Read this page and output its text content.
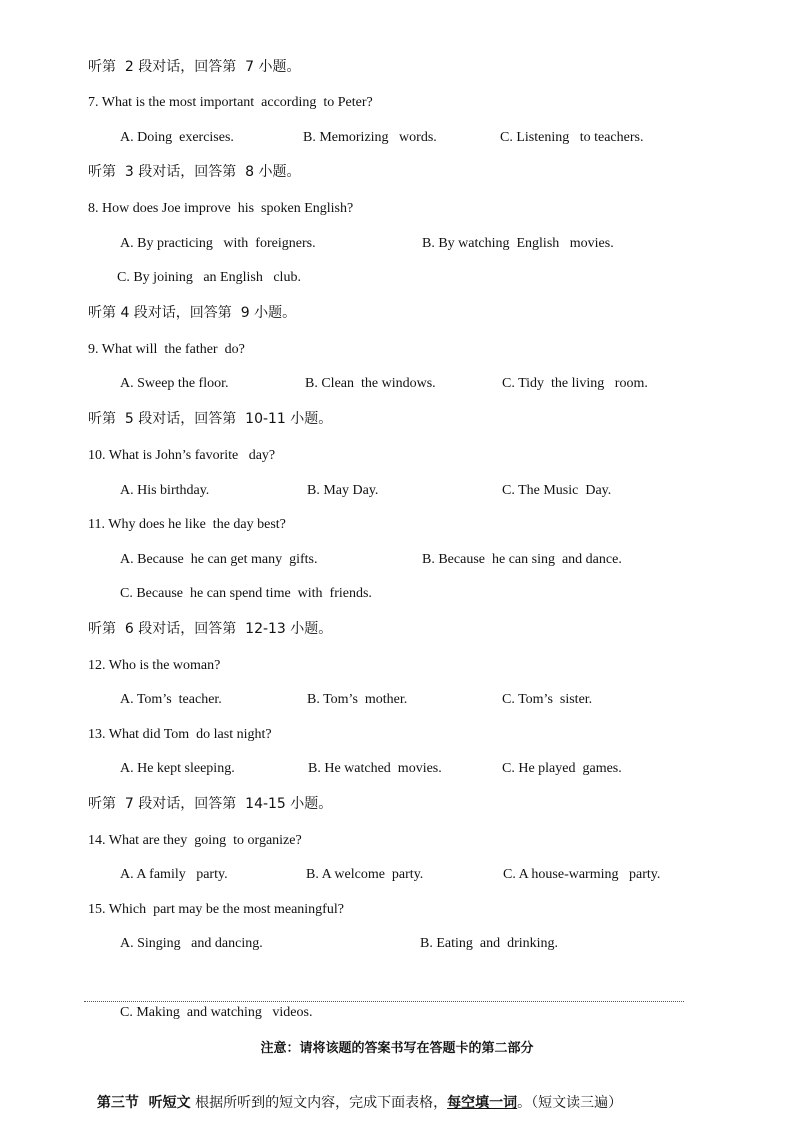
听第  2 段对话，回答第  7 小题。
7. What is the most important  according  to Peter?
A. Doing  exercises.	B. Memorizing   words.	C. Listening   to teachers.
听第  3 段对话，回答第  8 小题。
8. How does Joe improve  his  spoken English?
A. By practicing   with  foreigners.	B. By watching  English   movies.
C. By joining   an English   club.
听第 4 段对话，回答第  9 小题。
9. What will  the father  do?
A. Sweep the floor.	B. Clean  the windows.	C. Tidy  the living   room.
听第  5 段对话，回答第  10-11 小题。
10. What is John’s favorite   day?
A. His birthday.	B. May Day.	C. The Music  Day.
11. Why does he like  the day best?
A. Because  he can get many  gifts.	B. Because  he can sing  and dance.
C. Because  he can spend time  with  friends.
听第  6 段对话，回答第  12-13 小题。
12. Who is the woman?
A. Tom’s  teacher.	B. Tom’s  mother.	C. Tom’s  sister.
13. What did Tom  do last night?
A. He kept sleeping.	B. He watched  movies.	C. He played  games.
听第  7 段对话，回答第  14-15 小题。
14. What are they  going  to organize?
A. A family   party.	B. A welcome  party.	C. A house-warming   party.
15. Which  part may be the most meaningful?
A. Singing   and dancing.	B. Eating  and  drinking.
C. Making  and watching   videos.
注意：请将该题的答案书写在答题卡的第二部分

第三节  听短文 根据所听到的短文内容，完成下面表格，每空填一词。（短文读三遍）
